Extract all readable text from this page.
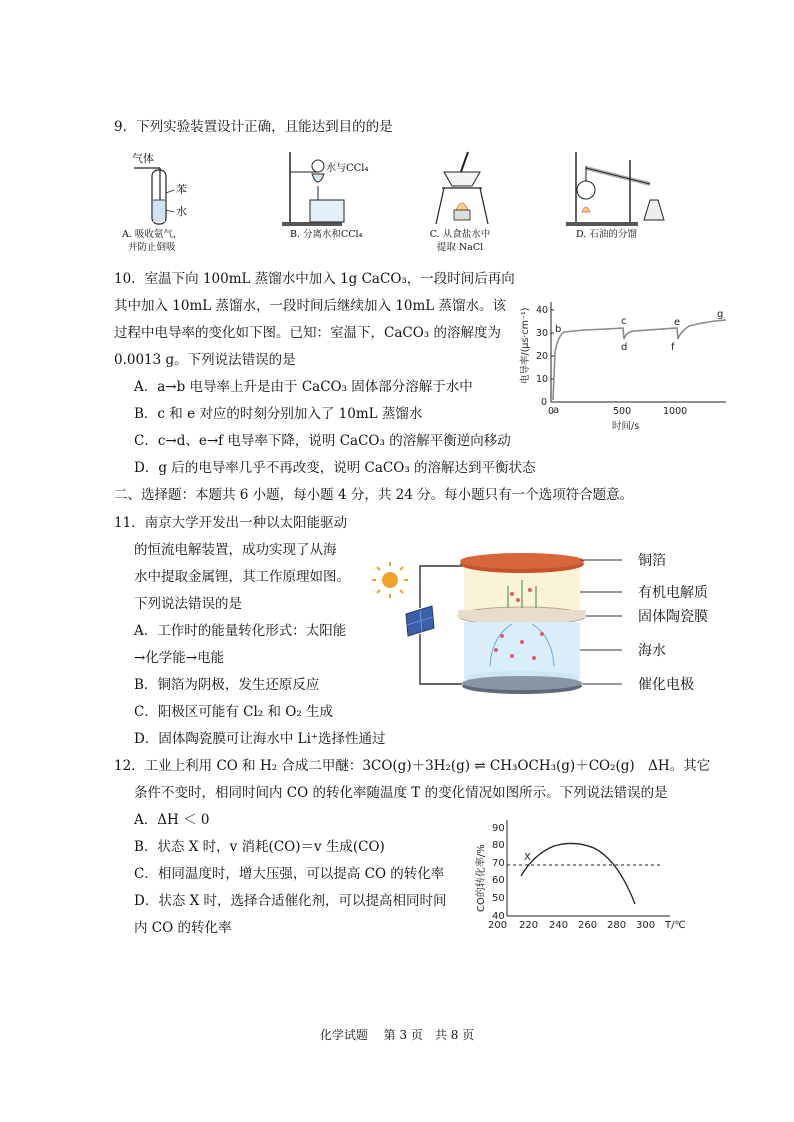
9．下列实验装置设计正确，且能达到目的的是
气体
苯
水
A. 吸收氨气，
并防止倒吸
水与CCl₄
B. 分离水和CCl₄	C. 从食盐水中
提取 NaCl
D. 石油的分馏
10．室温下向 100mL 蒸馏水中加入 1g CaCO₃，一段时间后再向
其中加入 10mL 蒸馏水，一段时间后继续加入 10mL 蒸馏水。该
过程中电导率的变化如下图。已知：室温下，CaCO₃ 的溶解度为
0.0013 g。下列说法错误的是
A．a→b 电导率上升是由于 CaCO₃ 固体部分溶解于水中
B．c 和 e 对应的时刻分别加入了 10mL 蒸馏水
C．c→d、e→f 电导率下降，说明 CaCO₃ 的溶解平衡逆向移动
D．g 后的电导率几乎不再改变，说明 CaCO₃ 的溶解达到平衡状态
0
10
20
30
40
0	500	1000
时间/s
电导率/(μs·cm⁻¹)
a
b
c
d
e
f
g
二、选择题：本题共 6 小题，每小题 4 分，共 24 分。每小题只有一个选项符合题意。
11．南京大学开发出一种以太阳能驱动
的恒流电解装置，成功实现了从海
水中提取金属锂，其工作原理如图。
下列说法错误的是
A．工作时的能量转化形式：太阳能
→化学能→电能
B．铜箔为阴极，发生还原反应
C．阳极区可能有 Cl₂ 和 O₂ 生成
D．固体陶瓷膜可让海水中 Li⁺选择性通过
铜箔
有机电解质
固体陶瓷膜
海水
催化电极
12．工业上利用 CO 和 H₂ 合成二甲醚：3CO(g)＋3H₂(g) ⇌ CH₃OCH₃(g)＋CO₂(g)　ΔH。其它
条件不变时，相同时间内 CO 的转化率随温度 T 的变化情况如图所示。下列说法错误的是
A．ΔH ＜ 0
B．状态 X 时，v 消耗(CO)＝v 生成(CO)
C．相同温度时，增大压强，可以提高 CO 的转化率
D．状态 X 时，选择合适催化剂，可以提高相同时间
内 CO 的转化率
40
50
60
70
80
90
200 220 240 260 280 300 T/℃
CO的转化率/%	X
化学试题　 第 3 页　共 8 页
